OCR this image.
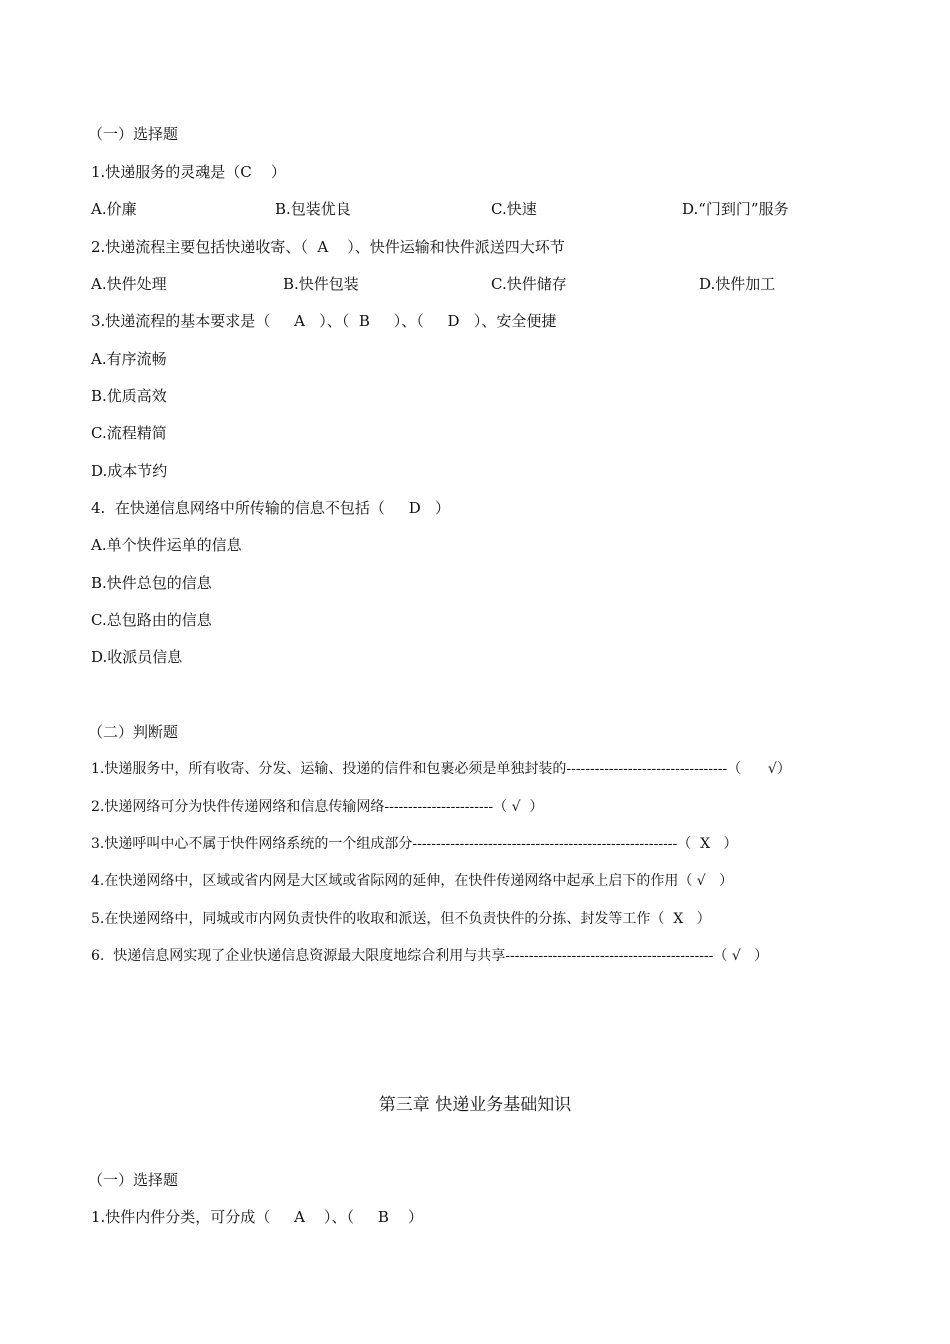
（一）选择题
1.快递服务的灵魂是（C    ）
A.价廉	B.包装优良	C.快速	D.“门到门”服务
2.快递流程主要包括快递收寄、（  A    ）、快件运输和快件派送四大环节
A.快件处理	B.快件包装	C.快件储存	D.快件加工
3.快递流程的基本要求是（     A   ）、（  B     ）、（     D   ）、安全便捷
A.有序流畅
B.优质高效
C.流程精简
D.成本节约
4.  在快递信息网络中所传输的信息不包括（     D   ）
A.单个快件运单的信息
B.快件总包的信息
C.总包路由的信息
D.收派员信息
（二）判断题
1.快递服务中，所有收寄、分发、运输、投递的信件和包裹必须是单独封装的----------------------------------（      √）
2.快递网络可分为快件传递网络和信息传输网络-----------------------（ √  ）
3.快递呼叫中心不属于快件网络系统的一个组成部分--------------------------------------------------------（  X   ）
4.在快递网络中，区域或省内网是大区域或省际网的延伸，在快件传递网络中起承上启下的作用（ √   ）
5.在快递网络中，同城或市内网负责快件的收取和派送，但不负责快件的分拣、封发等工作（  X   ）
6.  快递信息网实现了企业快递信息资源最大限度地综合利用与共享--------------------------------------------（ √   ）
第三章 快递业务基础知识
（一）选择题
1.快件内件分类，可分成（     A    ）、（     B    ）
